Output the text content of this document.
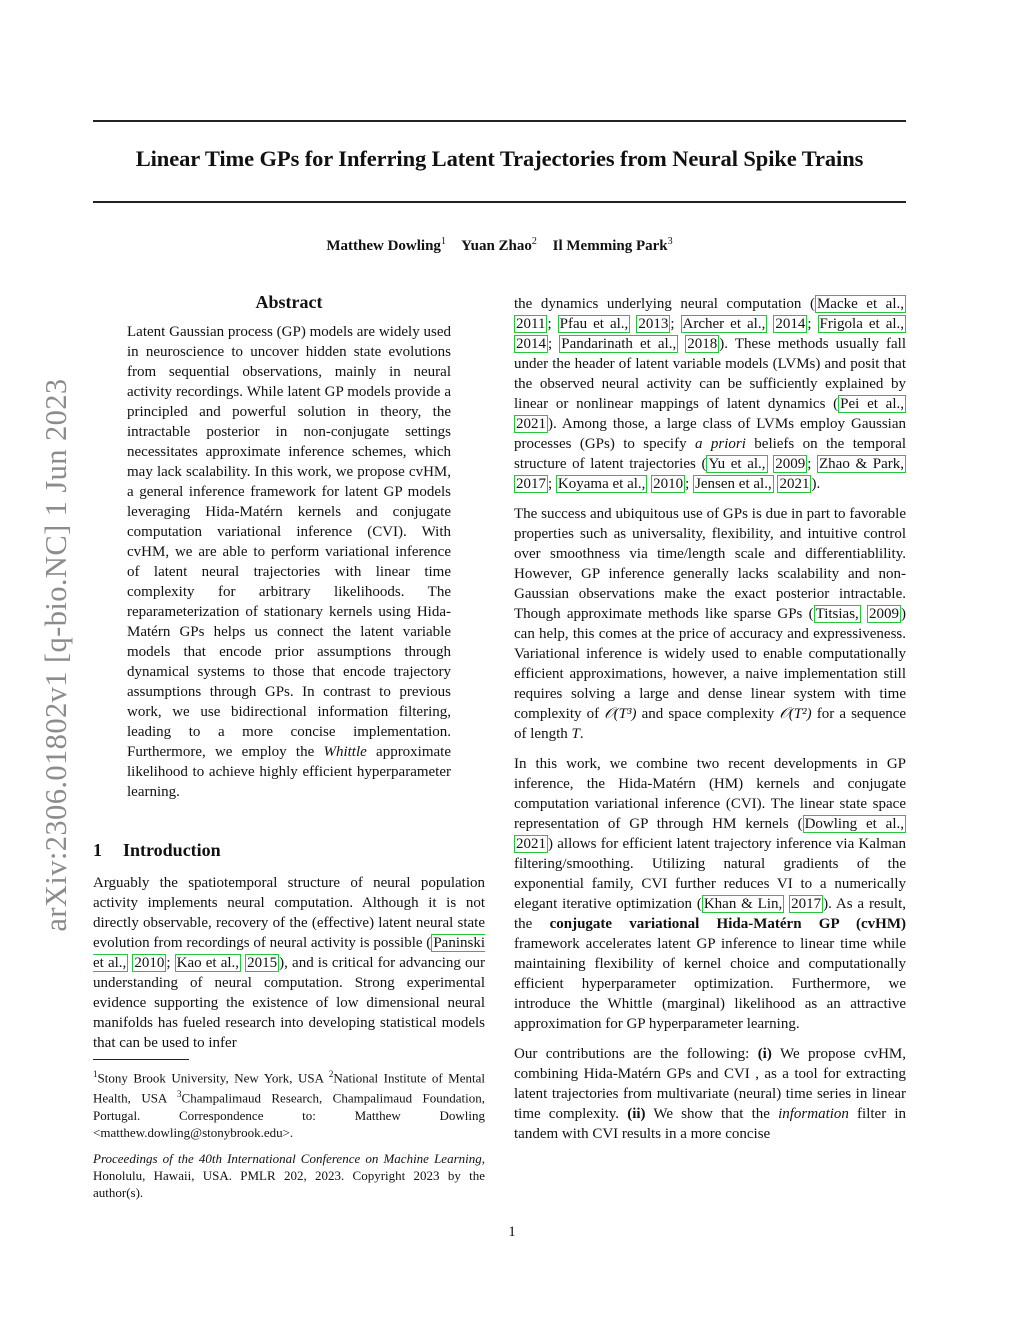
Linear Time GPs for Inferring Latent Trajectories from Neural Spike Trains
Matthew Dowling$^1$ Yuan Zhao$^2$ Il Memming Park$^3$
arXiv:2306.01802v1 [q-bio.NC] 1 Jun 2023
Abstract

Latent Gaussian process (GP) models are widely used in neuroscience to uncover hidden state evolutions from sequential observations, mainly in neural activity recordings. While latent GP models provide a principled and powerful solution in theory, the intractable posterior in non-conjugate settings necessitates approximate inference schemes, which may lack scalability. In this work, we propose cvHM, a general inference framework for latent GP models leveraging Hida-Matérn kernels and conjugate computation variational inference (CVI). With cvHM, we are able to perform variational inference of latent neural trajectories with linear time complexity for arbitrary likelihoods. The reparameterization of stationary kernels using Hida-Matérn GPs helps us connect the latent variable models that encode prior assumptions through dynamical systems to those that encode trajectory assumptions through GPs. In contrast to previous work, we use bidirectional information filtering, leading to a more concise implementation. Furthermore, we employ the Whittle approximate likelihood to achieve highly efficient hyperparameter learning.

1 Introduction

Arguably the spatiotemporal structure of neural population activity implements neural computation. Although it is not directly observable, recovery of the (effective) latent neural state evolution from recordings of neural activity is possible ( Paninski et al., 2010 ; Kao et al., 2015 ), and is critical for advancing our understanding of neural computation. Strong experimental evidence supporting the existence of low dimensional neural manifolds has fueled research into developing statistical models that can be used to infer

$^1$Stony Brook University, New York, USA $^2$National Institute of Mental Health, USA $^3$Champalimaud Research, Champalimaud Foundation, Portugal. Correspondence to: Matthew Dowling <matthew.dowling@stonybrook.edu>.
Proceedings of the 40th International Conference on Machine Learning, Honolulu, Hawaii, USA. PMLR 202, 2023. Copyright 2023 by the author(s).

the dynamics underlying neural computation ( Macke et al., 2011 ; Pfau et al., 2013 ; Archer et al., 2014 ; Frigola et al., 2014 ; Pandarinath et al., 2018 ). These methods usually fall under the header of latent variable models (LVMs) and posit that the observed neural activity can be sufficiently explained by linear or nonlinear mappings of latent dynamics ( Pei et al., 2021 ). Among those, a large class of LVMs employ Gaussian processes (GPs) to specify a priori beliefs on the temporal structure of latent trajectories ( Yu et al., 2009 ; Zhao & Park, 2017 ; Koyama et al., 2010 ; Jensen et al., 2021 ).

The success and ubiquitous use of GPs is due in part to favorable properties such as universality, flexibility, and intuitive control over smoothness via time/length scale and differentiablility. However, GP inference generally lacks scalability and non-Gaussian observations make the exact posterior intractable. Though approximate methods like sparse GPs ( Titsias, 2009 ) can help, this comes at the price of accuracy and expressiveness. Variational inference is widely used to enable computationally efficient approximations, however, a naive implementation still requires solving a large and dense linear system with time complexity of 𝒪(T³) and space complexity 𝒪(T²) for a sequence of length T.

In this work, we combine two recent developments in GP inference, the Hida-Matérn (HM) kernels and conjugate computation variational inference (CVI). The linear state space representation of GP through HM kernels ( Dowling et al., 2021 ) allows for efficient latent trajectory inference via Kalman filtering/smoothing. Utilizing natural gradients of the exponential family, CVI further reduces VI to a numerically elegant iterative optimization ( Khan & Lin, 2017 ). As a result, the conjugate variational Hida-Matérn GP (cvHM) framework accelerates latent GP inference to linear time while maintaining flexibility of kernel choice and computationally efficient hyperparameter optimization. Furthermore, we introduce the Whittle (marginal) likelihood as an attractive approximation for GP hyperparameter learning.

Our contributions are the following: (i) We propose cvHM, combining Hida-Matérn GPs and CVI , as a tool for extracting latent trajectories from multivariate (neural) time series in linear time complexity. (ii) We show that the information filter in tandem with CVI results in a more concise

1
